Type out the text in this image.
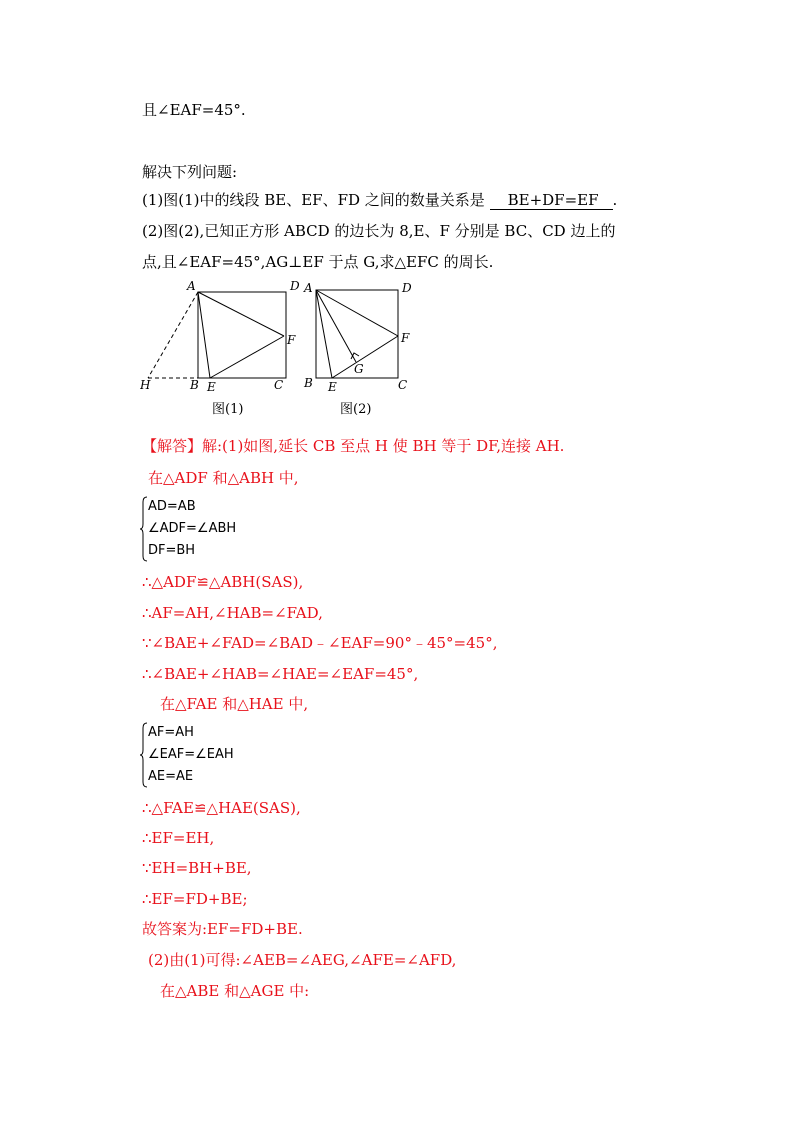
且∠EAF=45°.
解决下列问题:
(1)图(1)中的线段 BE、EF、FD 之间的数量关系是 BE+DF=EF .
(2)图(2),已知正方形 ABCD 的边长为 8,E、F 分别是 BC、CD 边上的
点,且∠EAF=45°,AG⊥EF 于点 G,求△EFC 的周长.
A	D
F
H	B E	C
图(1)
A	D
F
G
B E	C
图(2)
【解答】解:(1)如图,延长 CB 至点 H 使 BH 等于 DF,连接 AH.
在△ADF 和△ABH 中,
AD=AB
∠ADF=∠ABH
DF=BH
∴△ADF≌△ABH(SAS),
∴AF=AH,∠HAB=∠FAD,
∵∠BAE+∠FAD=∠BAD﹣∠EAF=90°﹣45°=45°,
∴∠BAE+∠HAB=∠HAE=∠EAF=45°,
在△FAE 和△HAE 中,
AF=AH
∠EAF=∠EAH
AE=AE
∴△FAE≌△HAE(SAS),
∴EF=EH,
∵EH=BH+BE,
∴EF=FD+BE;
故答案为:EF=FD+BE.
(2)由(1)可得:∠AEB=∠AEG,∠AFE=∠AFD,
在△ABE 和△AGE 中:
